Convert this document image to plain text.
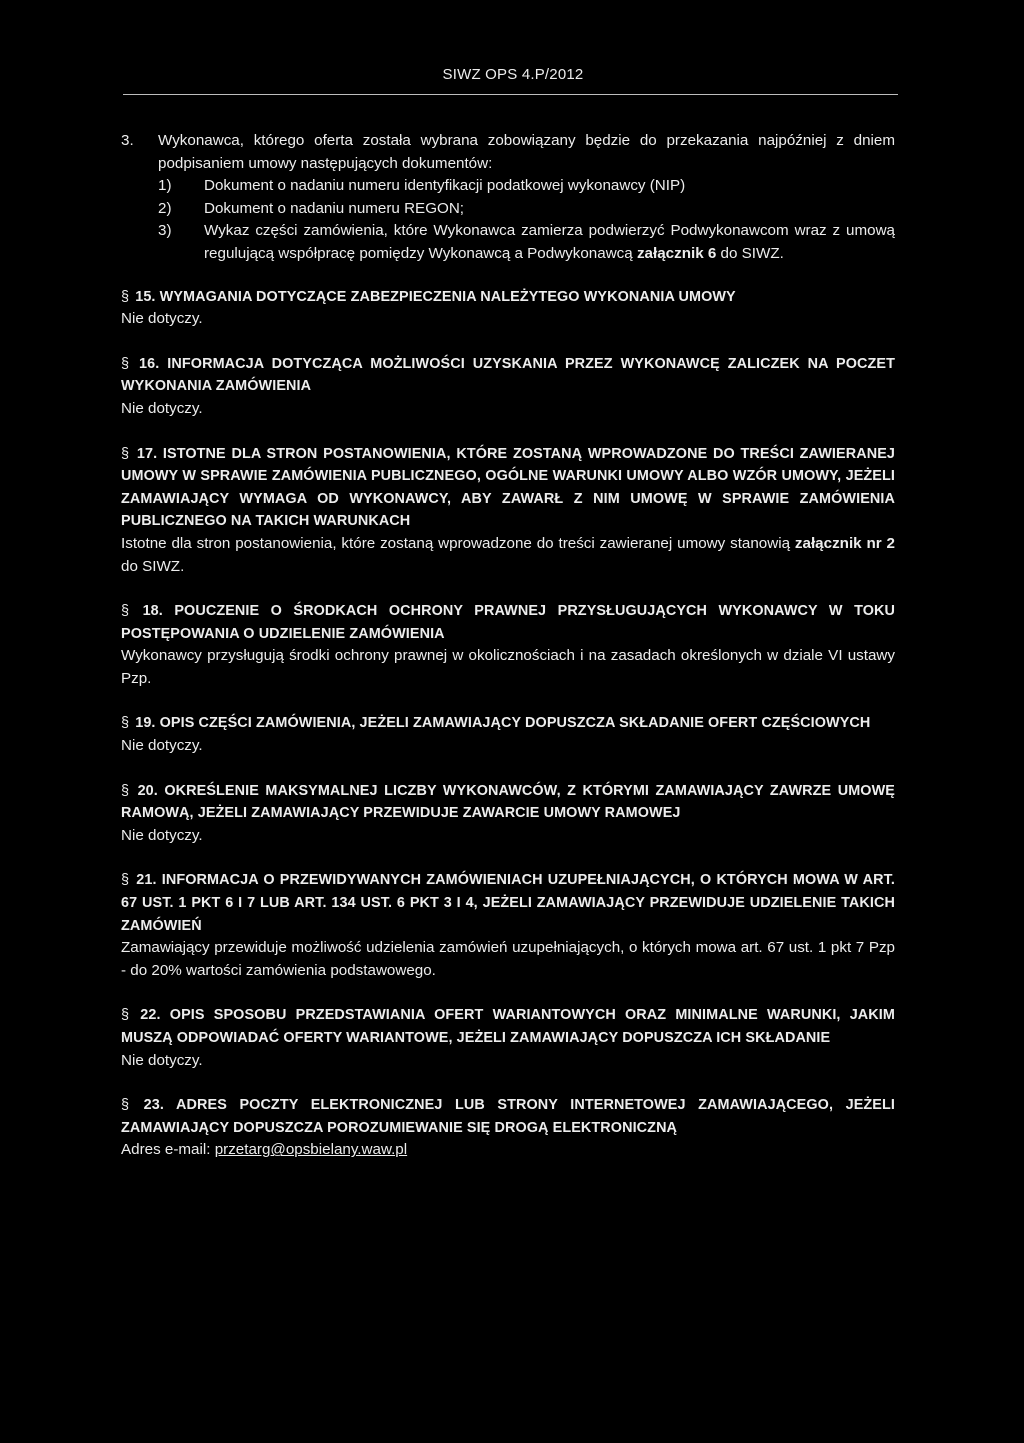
SIWZ OPS 4.P/2012
3.	Wykonawca, którego oferta została wybrana zobowiązany będzie do przekazania najpóźniej z dniem podpisaniem umowy następujących dokumentów:
1)	Dokument o nadaniu numeru identyfikacji podatkowej wykonawcy (NIP)
2)	Dokument o nadaniu numeru REGON;
3)	Wykaz części zamówienia, które Wykonawca zamierza podwierzyć Podwykonawcom wraz z umową regulującą współpracę pomiędzy Wykonawcą a Podwykonawcą załącznik 6 do SIWZ.
§ 15. WYMAGANIA DOTYCZĄCE ZABEZPIECZENIA NALEŻYTEGO WYKONANIA UMOWY
Nie dotyczy.
§ 16. INFORMACJA DOTYCZĄCA MOŻLIWOŚCI UZYSKANIA PRZEZ WYKONAWCĘ ZALICZEK NA POCZET WYKONANIA ZAMÓWIENIA
Nie dotyczy.
§ 17. ISTOTNE DLA STRON POSTANOWIENIA, KTÓRE ZOSTANĄ WPROWADZONE DO TREŚCI ZAWIERANEJ UMOWY W SPRAWIE ZAMÓWIENIA PUBLICZNEGO, OGÓLNE WARUNKI UMOWY ALBO WZÓR UMOWY, JEŻELI ZAMAWIAJĄCY WYMAGA OD WYKONAWCY, ABY ZAWARŁ Z NIM UMOWĘ W SPRAWIE ZAMÓWIENIA PUBLICZNEGO NA TAKICH WARUNKACH
Istotne dla stron postanowienia, które zostaną wprowadzone do treści zawieranej umowy stanowią załącznik nr 2 do SIWZ.
§ 18. POUCZENIE O ŚRODKACH OCHRONY PRAWNEJ PRZYSŁUGUJĄCYCH WYKONAWCY W TOKU POSTĘPOWANIA O UDZIELENIE ZAMÓWIENIA
Wykonawcy przysługują środki ochrony prawnej w okolicznościach i na zasadach określonych w dziale VI ustawy Pzp.
§ 19. OPIS CZĘŚCI ZAMÓWIENIA, JEŻELI ZAMAWIAJĄCY DOPUSZCZA SKŁADANIE OFERT CZĘŚCIOWYCH
Nie dotyczy.
§ 20. OKREŚLENIE MAKSYMALNEJ LICZBY WYKONAWCÓW, Z KTÓRYMI ZAMAWIAJĄCY ZAWRZE UMOWĘ RAMOWĄ, JEŻELI ZAMAWIAJĄCY PRZEWIDUJE ZAWARCIE UMOWY RAMOWEJ
Nie dotyczy.
§ 21. INFORMACJA O PRZEWIDYWANYCH ZAMÓWIENIACH UZUPEŁNIAJĄCYCH, O KTÓRYCH MOWA W ART. 67 UST. 1 PKT 6 I 7 LUB ART. 134 UST. 6 PKT 3 I 4, JEŻELI ZAMAWIAJĄCY PRZEWIDUJE UDZIELENIE TAKICH ZAMÓWIEŃ
Zamawiający przewiduje możliwość udzielenia zamówień uzupełniających, o których mowa art. 67 ust. 1 pkt 7 Pzp - do 20% wartości zamówienia podstawowego.
§ 22. OPIS SPOSOBU PRZEDSTAWIANIA OFERT WARIANTOWYCH ORAZ MINIMALNE WARUNKI, JAKIM MUSZĄ ODPOWIADAĆ OFERTY WARIANTOWE, JEŻELI ZAMAWIAJĄCY DOPUSZCZA ICH SKŁADANIE
Nie dotyczy.
§ 23. ADRES POCZTY ELEKTRONICZNEJ LUB STRONY INTERNETOWEJ ZAMAWIAJĄCEGO, JEŻELI ZAMAWIAJĄCY DOPUSZCZA POROZUMIEWANIE SIĘ DROGĄ ELEKTRONICZNĄ
Adres e-mail: przetarg@opsbielany.waw.pl
